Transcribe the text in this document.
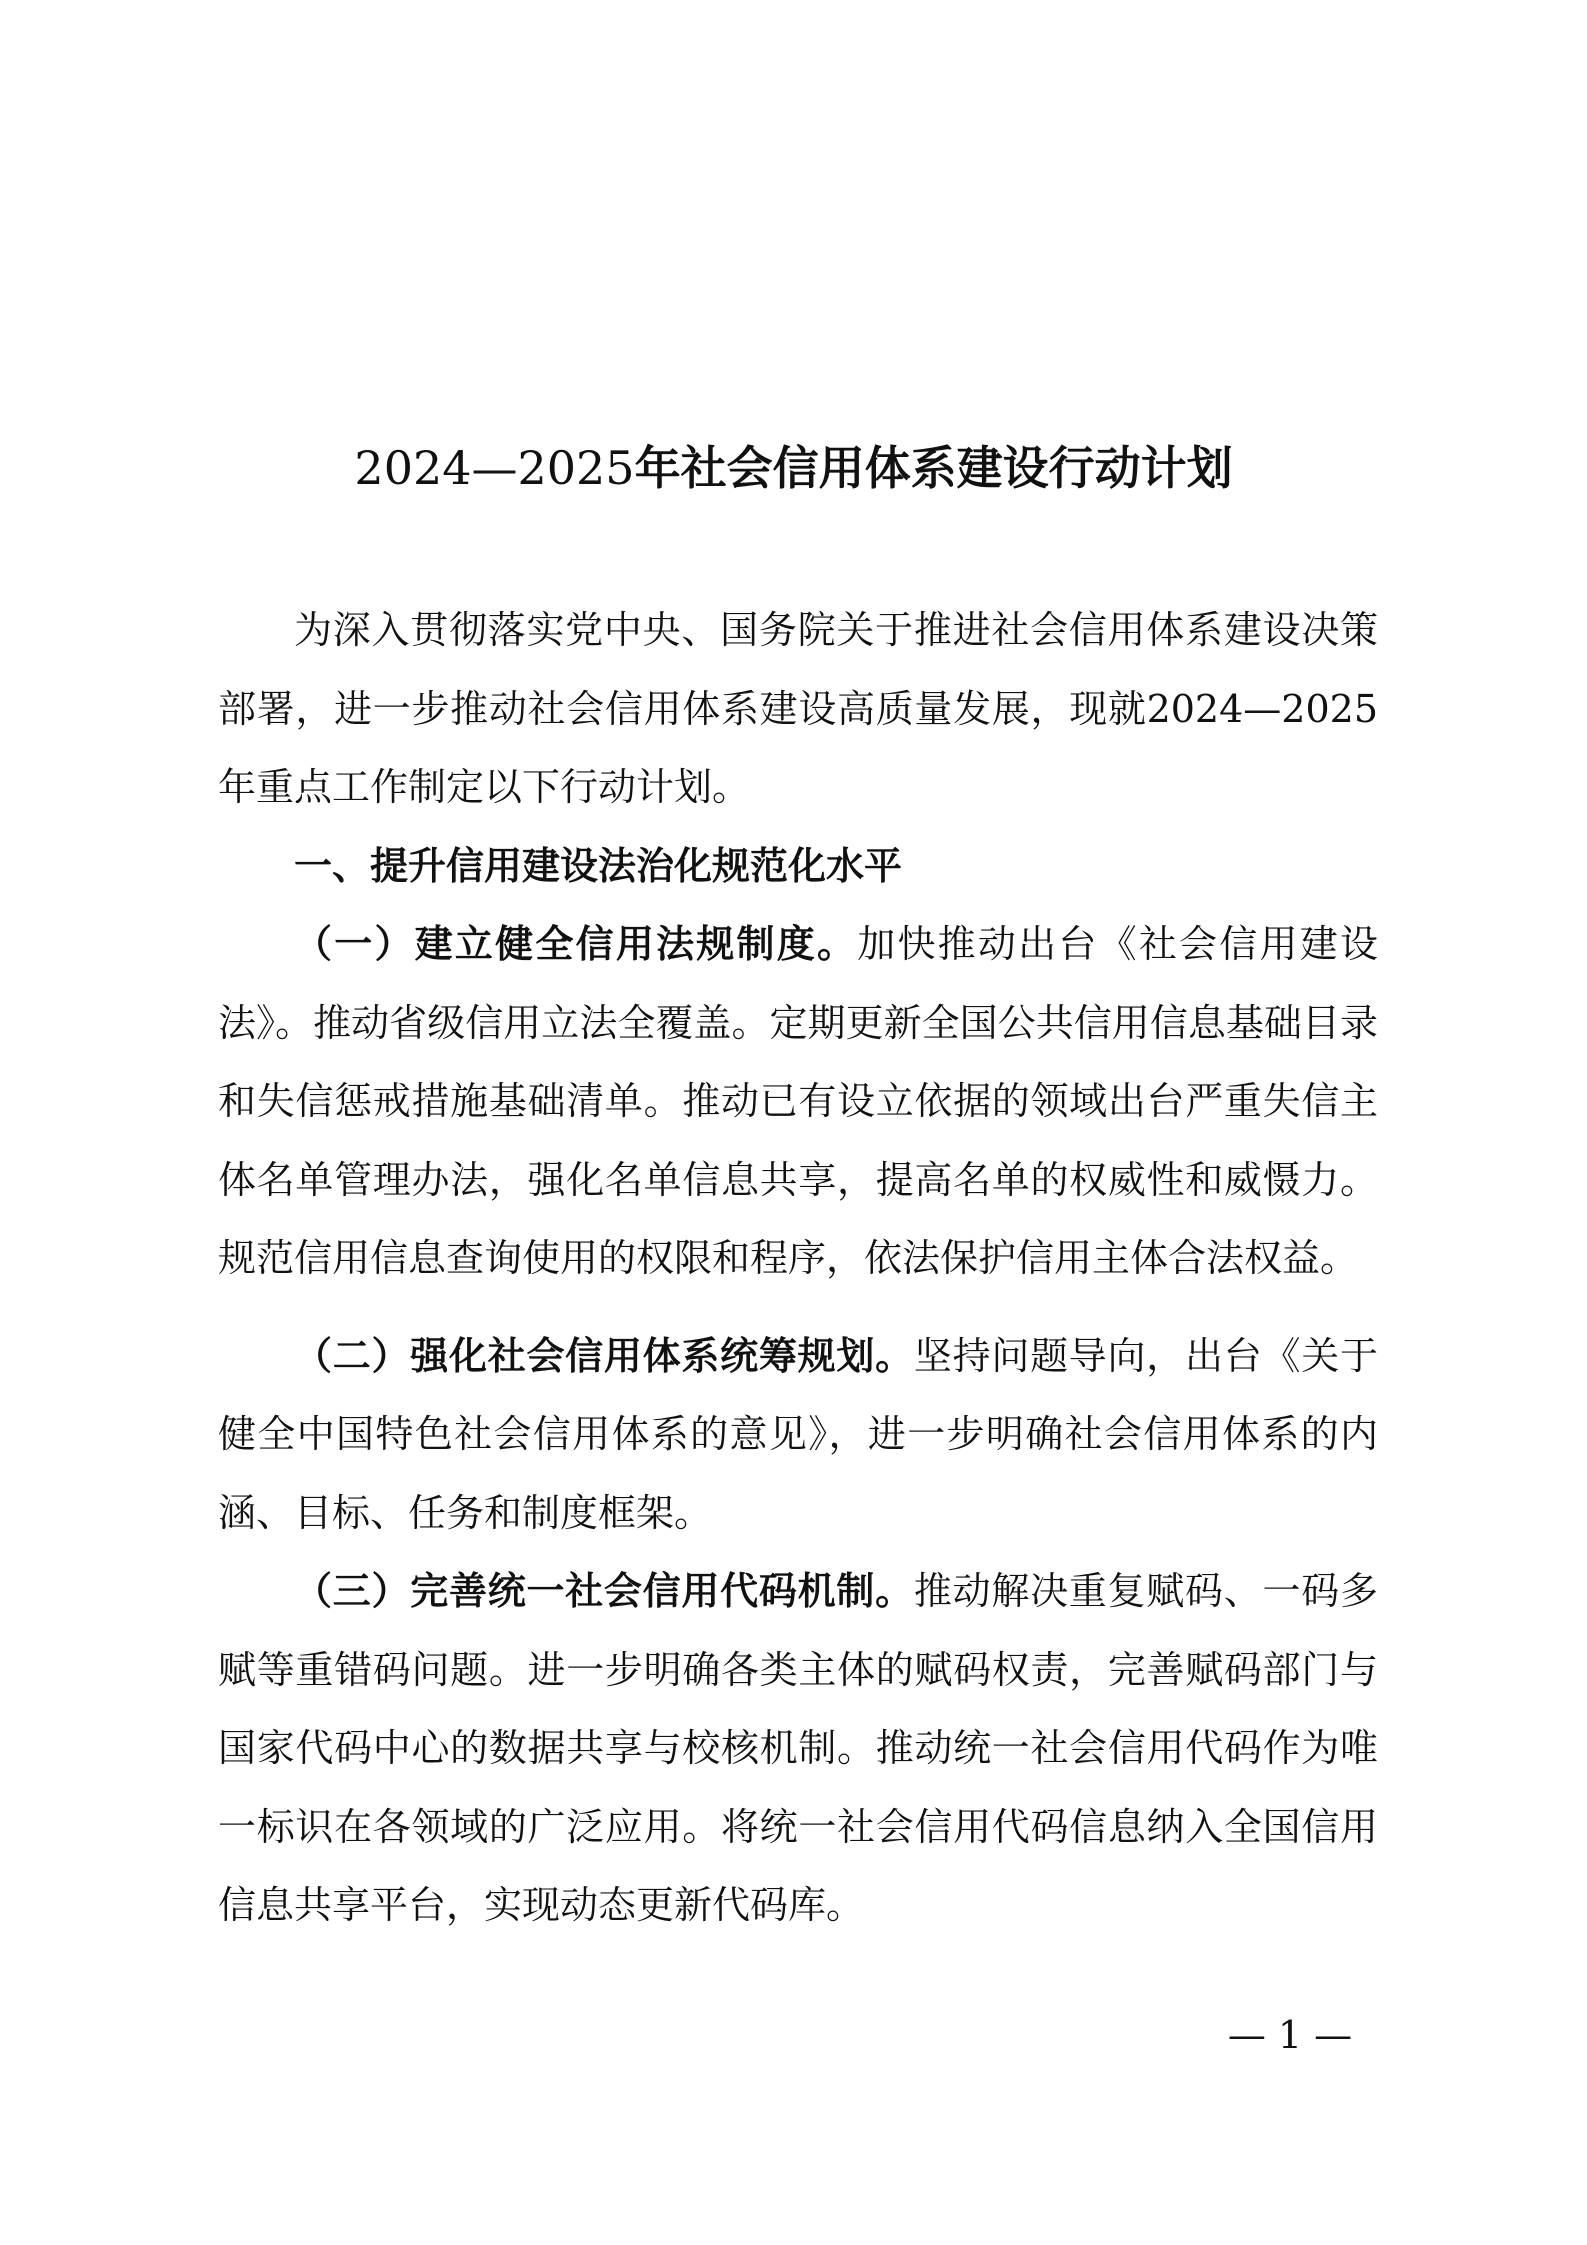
2024—2025年社会信用体系建设行动计划

为深入贯彻落实党中央、国务院关于推进社会信用体系建设决策部署，进一步推动社会信用体系建设高质量发展，现就2024—2025年重点工作制定以下行动计划。

一、提升信用建设法治化规范化水平

（一）建立健全信用法规制度。加快推动出台《社会信用建设法》。推动省级信用立法全覆盖。定期更新全国公共信用信息基础目录和失信惩戒措施基础清单。推动已有设立依据的领域出台严重失信主体名单管理办法，强化名单信息共享，提高名单的权威性和威慑力。规范信用信息查询使用的权限和程序，依法保护信用主体合法权益。

（二）强化社会信用体系统筹规划。坚持问题导向，出台《关于健全中国特色社会信用体系的意见》，进一步明确社会信用体系的内涵、目标、任务和制度框架。

（三）完善统一社会信用代码机制。推动解决重复赋码、一码多赋等重错码问题。进一步明确各类主体的赋码权责，完善赋码部门与国家代码中心的数据共享与校核机制。推动统一社会信用代码作为唯一标识在各领域的广泛应用。将统一社会信用代码信息纳入全国信用信息共享平台，实现动态更新代码库。

— 1 —
